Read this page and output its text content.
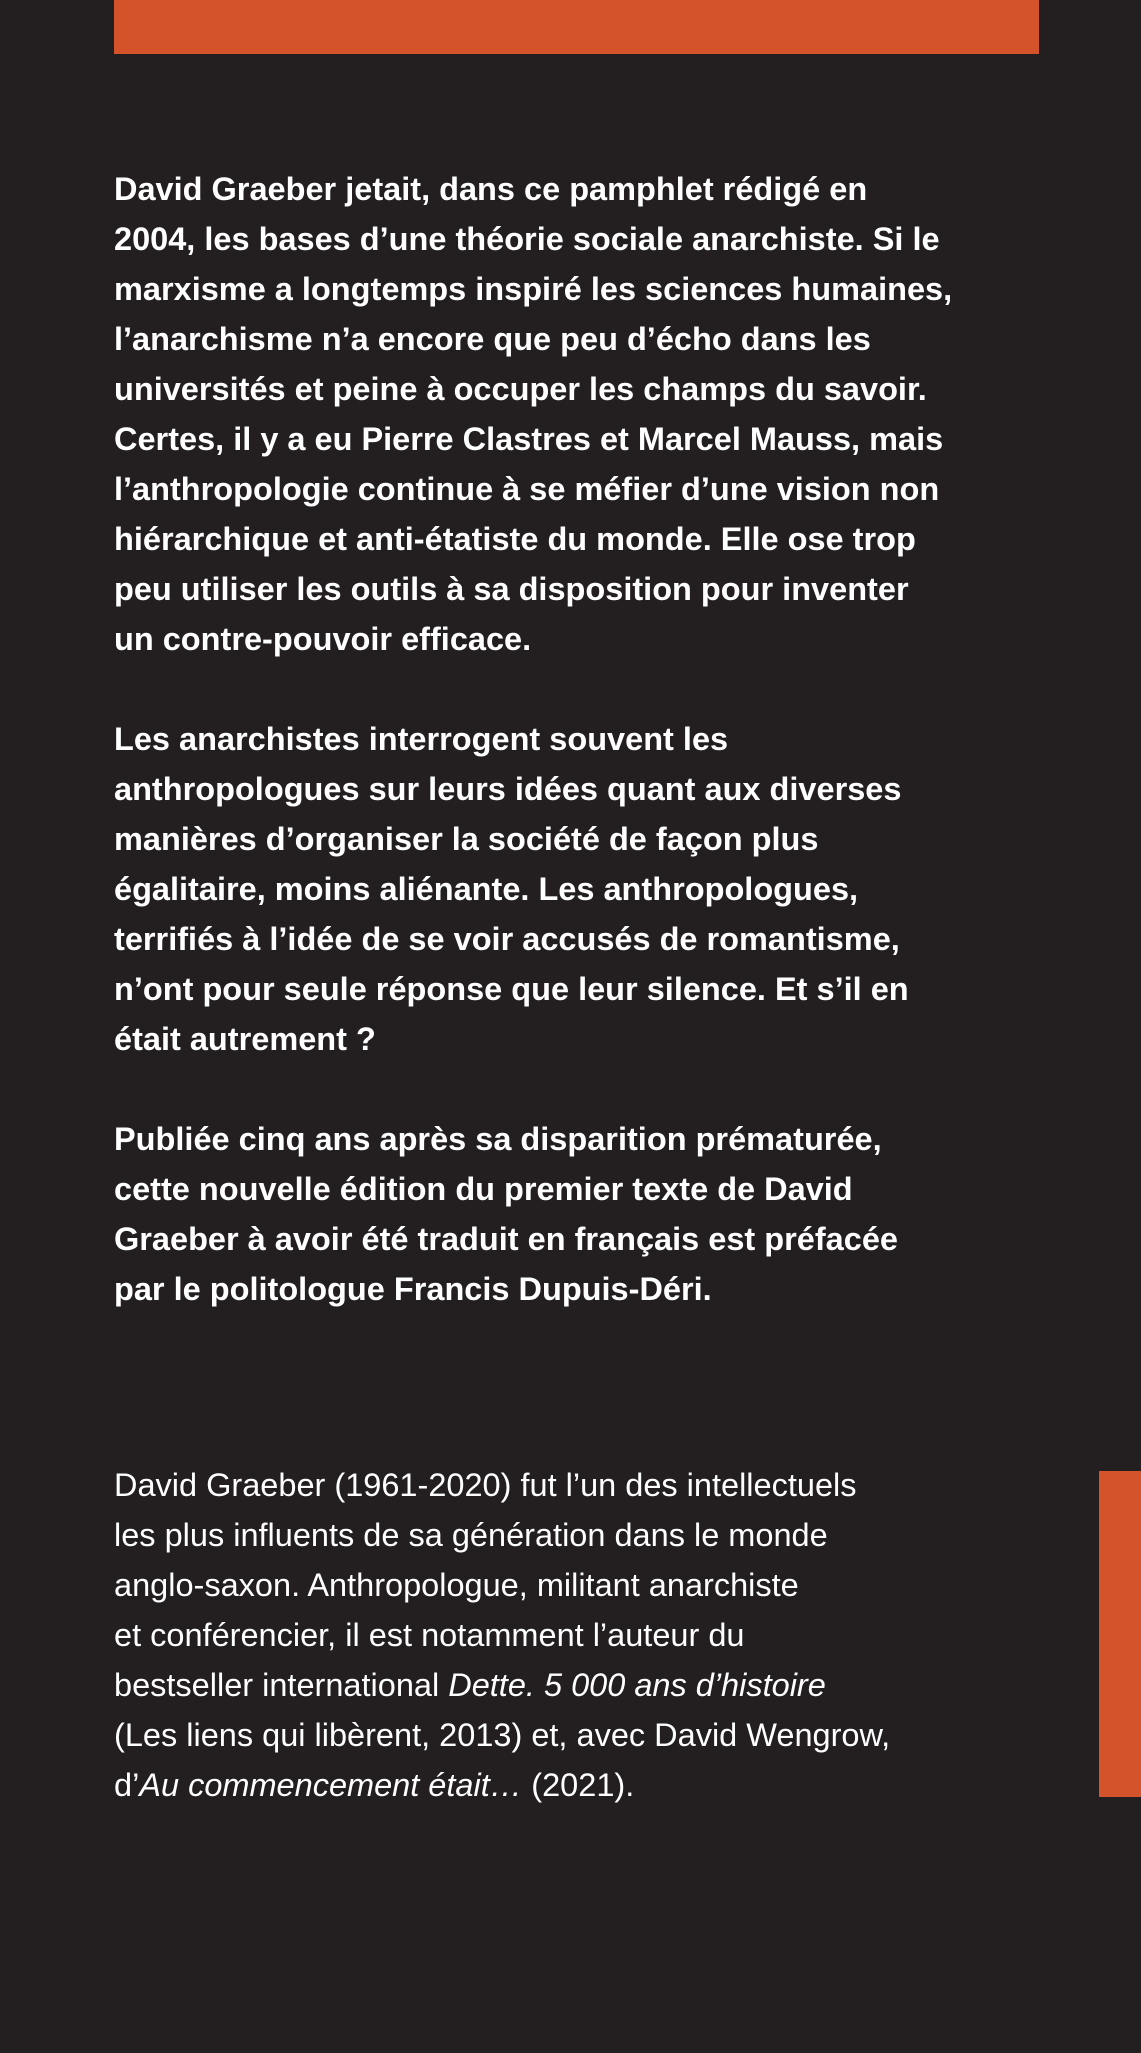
David Graeber jetait, dans ce pamphlet rédigé en
2004, les bases d’une théorie sociale anarchiste. Si le
marxisme a longtemps inspiré les sciences humaines,
l’anarchisme n’a encore que peu d’écho dans les
universités et peine à occuper les champs du savoir.
Certes, il y a eu Pierre Clastres et Marcel Mauss, mais
l’anthropologie continue à se méfier d’une vision non
hiérarchique et anti-étatiste du monde. Elle ose trop
peu utiliser les outils à sa disposition pour inventer
un contre-pouvoir efficace.

Les anarchistes interrogent souvent les
anthropologues sur leurs idées quant aux diverses
manières d’organiser la société de façon plus
égalitaire, moins aliénante. Les anthropologues,
terrifiés à l’idée de se voir accusés de romantisme,
n’ont pour seule réponse que leur silence. Et s’il en
était autrement ?

Publiée cinq ans après sa disparition prématurée,
cette nouvelle édition du premier texte de David
Graeber à avoir été traduit en français est préfacée
par le politologue Francis Dupuis-Déri.

David Graeber (1961-2020) fut l’un des intellectuels
les plus influents de sa génération dans le monde
anglo-saxon. Anthropologue, militant anarchiste
et conférencier, il est notamment l’auteur du
bestseller international Dette. 5 000 ans d’histoire
(Les liens qui libèrent, 2013) et, avec David Wengrow,
d’Au commencement était… (2021).
